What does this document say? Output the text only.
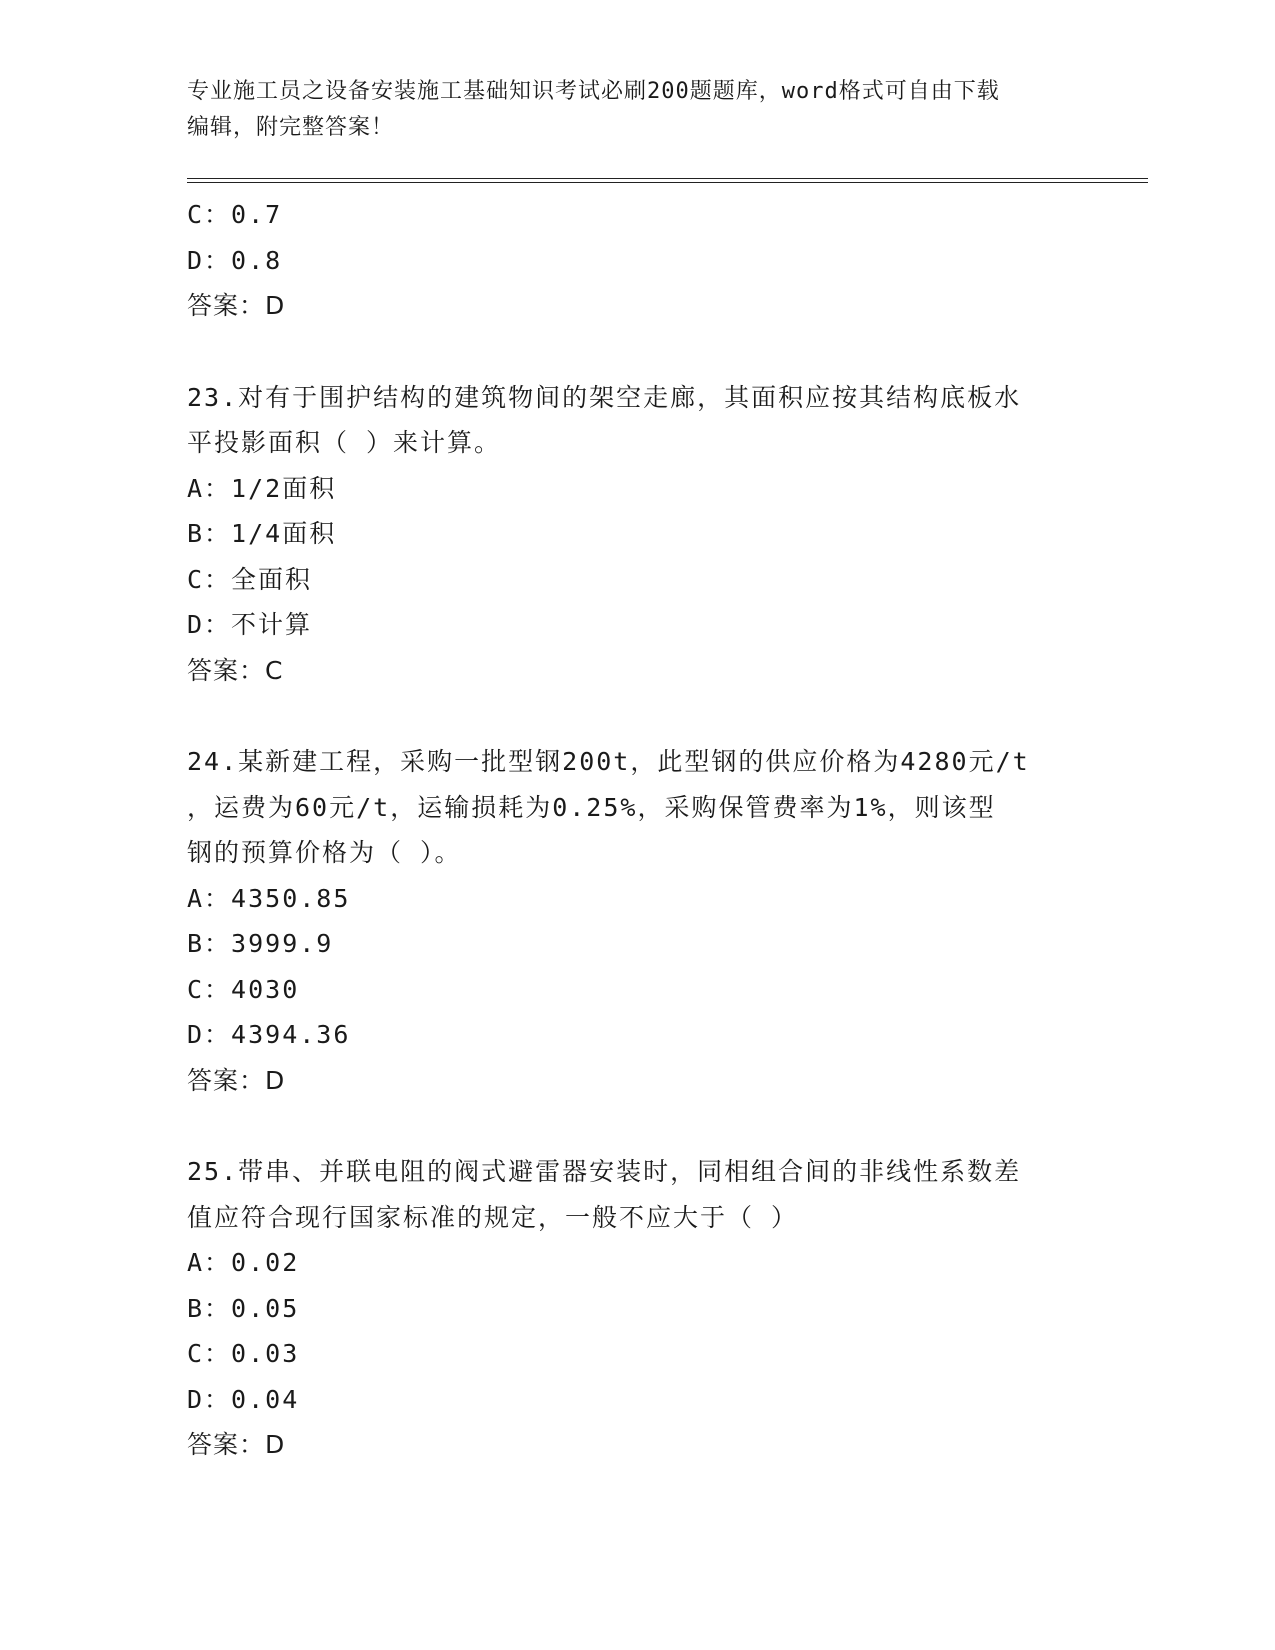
专业施工员之设备安装施工基础知识考试必刷200题题库，word格式可自由下载
编辑，附完整答案！
C：0.7
D：0.8
答案：D
23.对有于围护结构的建筑物间的架空走廊，其面积应按其结构底板水
平投影面积（ ）来计算。
A：1/2面积
B：1/4面积
C：全面积
D：不计算
答案：C
24.某新建工程，采购一批型钢200t，此型钢的供应价格为4280元/t
，运费为60元/t，运输损耗为0.25%，采购保管费率为1%，则该型
钢的预算价格为（ ）。
A：4350.85
B：3999.9
C：4030
D：4394.36
答案：D
25.带串、并联电阻的阀式避雷器安装时，同相组合间的非线性系数差
值应符合现行国家标准的规定，一般不应大于（ ）
A：0.02
B：0.05
C：0.03
D：0.04
答案：D
